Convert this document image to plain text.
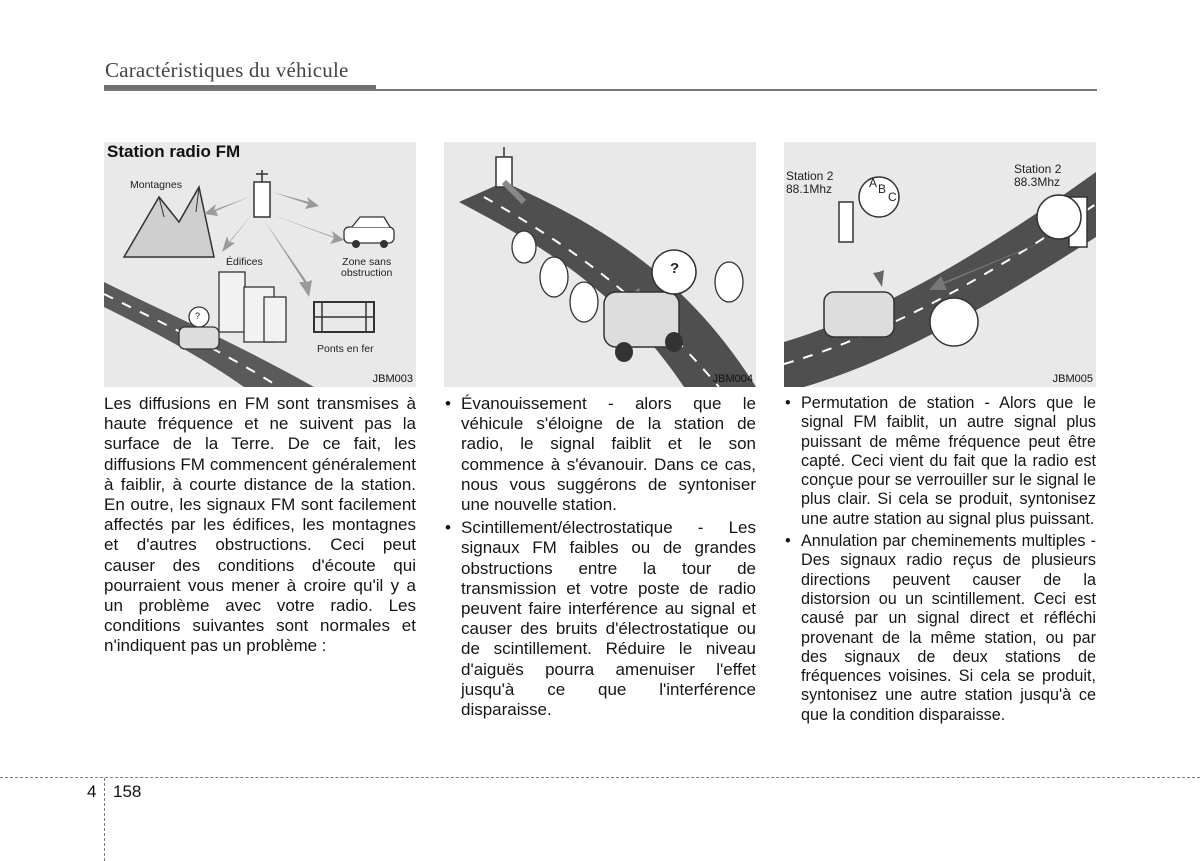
Caractéristiques du véhicule
Station radio FM
Montagnes
Édifices	Zone sans
obstruction
Ponts en fer
?
JBM003
?
JBM004
Station 2
88.1Mhz
Station 2
88.3Mhz
A B
C
JBM005

Les diffusions en FM sont transmises à haute fréquence et ne suivent pas la surface de la Terre. De ce fait, les diffusions FM commencent généralement à faiblir, à courte distance de la station. En outre, les signaux FM sont facilement affectés par les édifices, les montagnes et d'autres obstructions. Ceci peut causer des conditions d'écoute qui pourraient vous mener à croire qu'il y a un problème avec votre radio. Les conditions suivantes sont normales et n'indiquent pas un problème :

• Évanouissement - alors que le véhicule s'éloigne de la station de radio, le signal faiblit et le son commence à s'évanouir. Dans ce cas, nous vous suggérons de syntoniser une nouvelle station.
• Scintillement/électrostatique - Les signaux FM faibles ou de grandes obstructions entre la tour de transmission et votre poste de radio peuvent faire interférence au signal et causer des bruits d'électrostatique ou de scintillement. Réduire le niveau d'aiguës pourra amenuiser l'effet jusqu'à ce que l'interférence disparaisse.
• Permutation de station - Alors que le signal FM faiblit, un autre signal plus puissant de même fréquence peut être capté. Ceci vient du fait que la radio est conçue pour se verrouiller sur le signal le plus clair. Si cela se produit, syntonisez une autre station au signal plus puissant.
• Annulation par cheminements multiples - Des signaux radio reçus de plusieurs directions peuvent causer de la distorsion ou un scintillement. Ceci est causé par un signal direct et réfléchi provenant de la même station, ou par des signaux de deux stations de fréquences voisines. Si cela se produit, syntonisez une autre station jusqu'à ce que la condition disparaisse.
4 158
